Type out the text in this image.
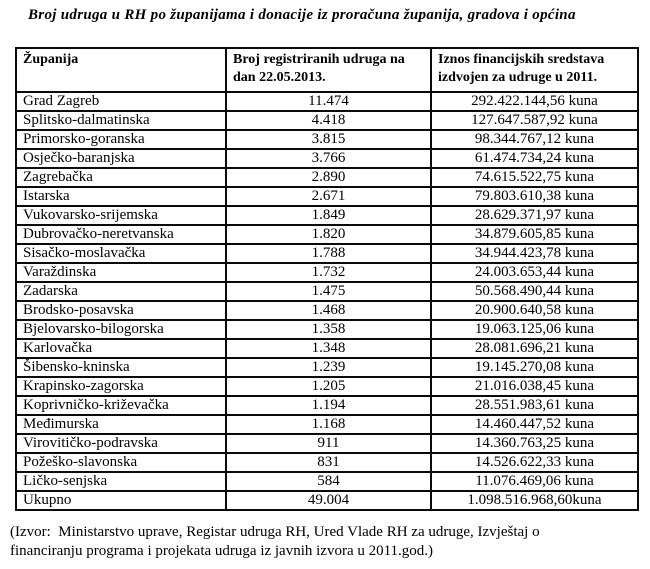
Broj udruga u RH po županijama i donacije iz proračuna županija, gradova i općina
Županija	Broj registriranih udruga na dan 22.05.2013.	Iznos financijskih sredstava izdvojen za udruge u 2011.
Grad Zagreb	11.474	292.422.144,56 kuna
Splitsko-dalmatinska	4.418	127.647.587,92 kuna
Primorsko-goranska	3.815	98.344.767,12 kuna
Osječko-baranjska	3.766	61.474.734,24 kuna
Zagrebačka	2.890	74.615.522,75 kuna
Istarska	2.671	79.803.610,38 kuna
Vukovarsko-srijemska	1.849	28.629.371,97 kuna
Dubrovačko-neretvanska	1.820	34.879.605,85 kuna
Sisačko-moslavačka	1.788	34.944.423,78 kuna
Varaždinska	1.732	24.003.653,44 kuna
Zadarska	1.475	50.568.490,44 kuna
Brodsko-posavska	1.468	20.900.640,58 kuna
Bjelovarsko-bilogorska	1.358	19.063.125,06 kuna
Karlovačka	1.348	28.081.696,21 kuna
Šibensko-kninska	1.239	19.145.270,08 kuna
Krapinsko-zagorska	1.205	21.016.038,45 kuna
Koprivničko-križevačka	1.194	28.551.983,61 kuna
Međimurska	1.168	14.460.447,52 kuna
Virovitičko-podravska	911	14.360.763,25 kuna
Požeško-slavonska	831	14.526.622,33 kuna
Ličko-senjska	584	11.076.469,06 kuna
Ukupno	49.004	1.098.516.968,60kuna
(Izvor:  Ministarstvo uprave, Registar udruga RH, Ured Vlade RH za udruge, Izvještaj o
financiranju programa i projekata udruga iz javnih izvora u 2011.god.)
